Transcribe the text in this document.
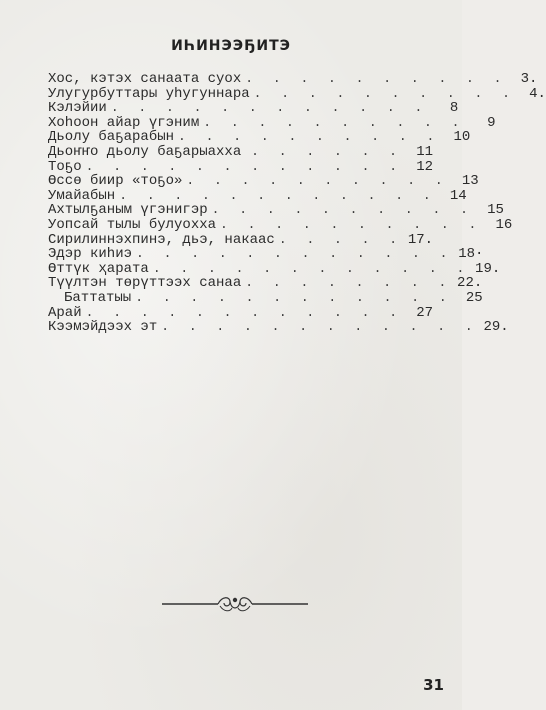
ИҺИНЭЭҔИТЭ
Хос, кэтэх санаата суох . . . . . . . . . . 3.
Улугурбуттары уһугуннара . . . . . . . . . . 4.
Кэлэйии . . . . . . . . . . . .	8
Хоһоон айар үгэним . . . . . . . . . .	9
Дьолу баҕарабын . . . . . . . . . . 10
Дьоҥҥо дьолу баҕарыахха . . . . . . 11
Тоҕо . . . . . . . . . . . . 12
Өссө биир «тоҕо» . . . . . . . . . . 13
Умайабын . . . . . . . . . . . . 14
Ахтылҕаным үгэнигэр . . . . . . . . . . 15
Уопсай тылы булуохха . . . . . . . . . . 16
Сирилиннэхпинэ, дьэ, накаас . . . . . 17.
Эдэр киһиэ . . . . . . . . . . . . 18·
Өттүк ҳарата . . . . . . . . . . . . 19.
Түүлтэн төрүттээх санаа . . . . . . . . 22.
Баттатыы . . . . . . . . . . . . 25
Арай . . . . . . . . . . . . 27
Кээмэйдээх эт . . . . . . . . . . . . 29.
31
